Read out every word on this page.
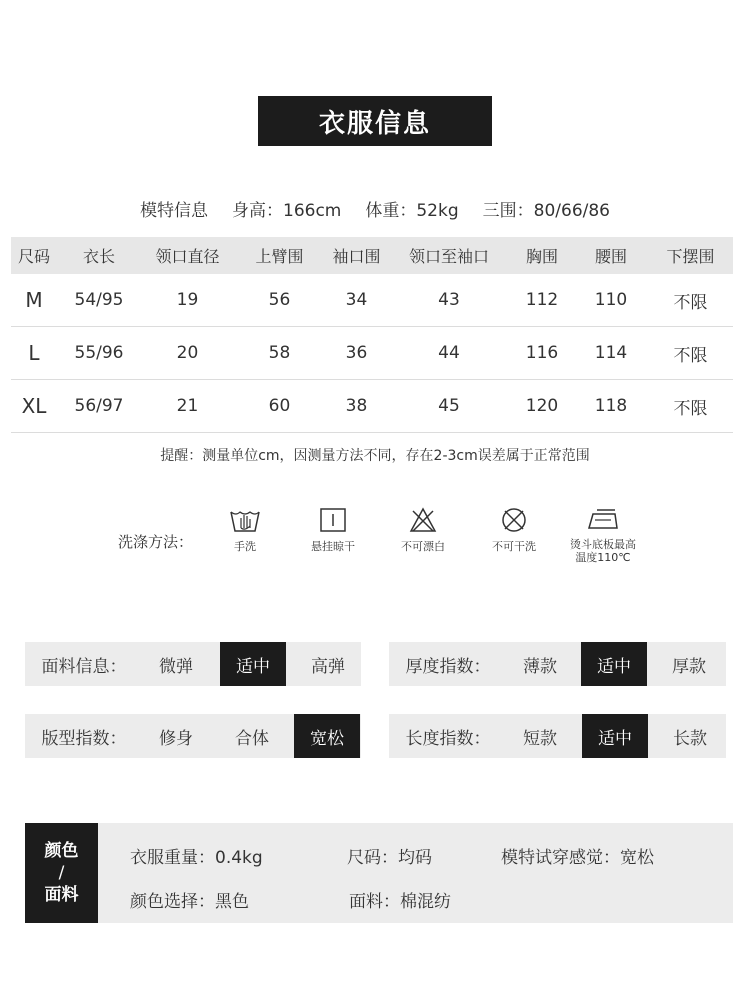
衣服信息
模特信息 身高：166cm 体重：52kg 三围：80/66/86
尺码	衣长	领口直径	上臂围	袖口围	领口至袖口	胸围	腰围	下摆围
M	54/95	19	56	34	43	112	110	不限
L	55/96	20	58	36	44	116	114	不限
XL	56/97	21	60	38	45	120	118	不限
提醒：测量单位cm，因测量方法不同，存在2-3cm误差属于正常范围
洗涤方法：	手洗	悬挂晾干	不可漂白	不可干洗	烫斗底板最高
温度110℃
面料信息：	微弹	适中	高弹	厚度指数：	薄款	适中	厚款
版型指数：	修身	合体	宽松	长度指数：	短款	适中	长款
颜色
/
面料
衣服重量：0.4kg	尺码：均码	模特试穿感觉：宽松
颜色选择：黑色	面料：棉混纺
